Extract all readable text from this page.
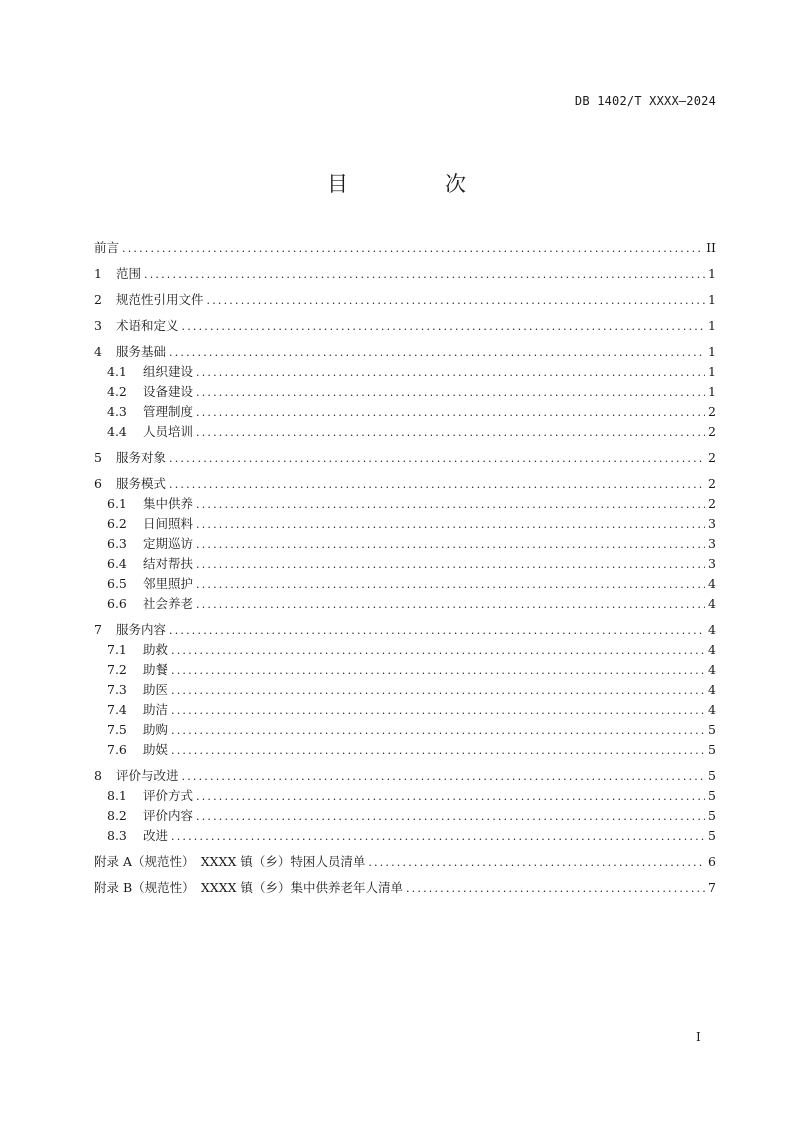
DB 1402/T XXXX—2024
目　次
前言 .....	II
1	范围 .....	1
2	规范性引用文件 .....	1
3	术语和定义 .....	1
4	服务基础 .....	1
4.1	组织建设 .....	1
4.2	设备建设 .....	1
4.3	管理制度 .....	2
4.4	人员培训 .....	2
5	服务对象 .....	2
6	服务模式 .....	2
6.1	集中供养 .....	2
6.2	日间照料 .....	3
6.3	定期巡访 .....	3
6.4	结对帮扶 .....	3
6.5	邻里照护 .....	4
6.6	社会养老 .....	4
7	服务内容 .....	4
7.1	助救 .....	4
7.2	助餐 .....	4
7.3	助医 .....	4
7.4	助洁 .....	4
7.5	助购 .....	5
7.6	助娱 .....	5
8	评价与改进 .....	5
8.1	评价方式 .....	5
8.2	评价内容 .....	5
8.3	改进 .....	5
附录 A（规范性）　XXXX 镇（乡）特困人员清单 .....	6
附录 B（规范性）　XXXX 镇（乡）集中供养老年人清单 .....	7
I
